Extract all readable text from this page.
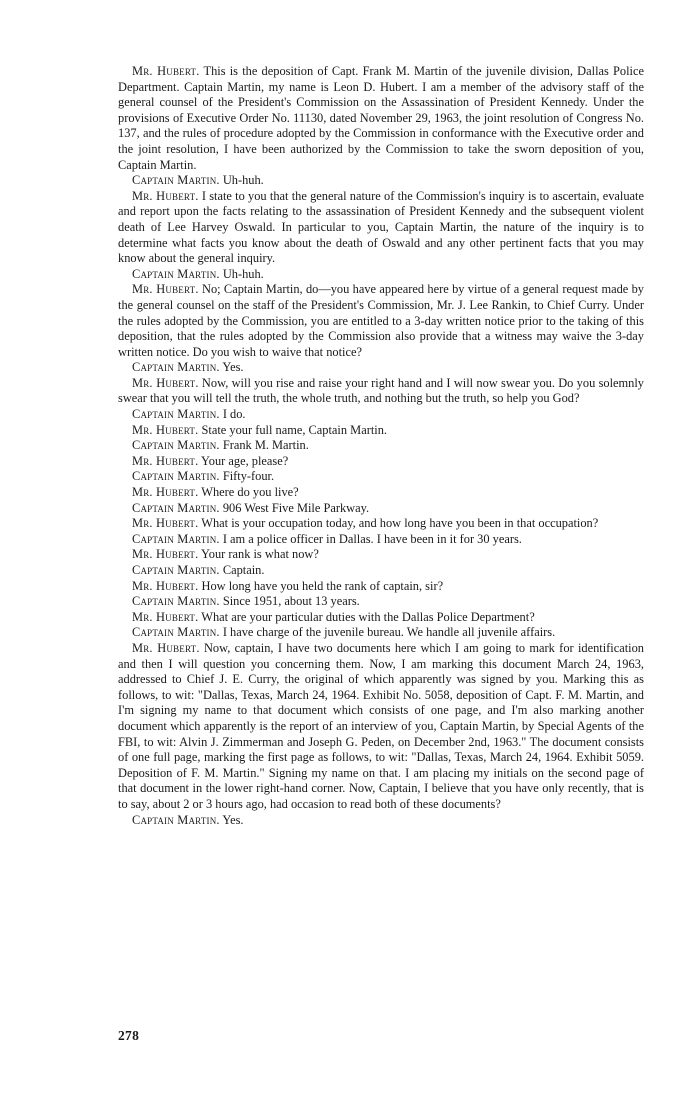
Mr. Hubert. This is the deposition of Capt. Frank M. Martin of the juvenile division, Dallas Police Department. Captain Martin, my name is Leon D. Hubert. I am a member of the advisory staff of the general counsel of the President's Commission on the Assassination of President Kennedy. Under the provisions of Executive Order No. 11130, dated November 29, 1963, the joint resolution of Congress No. 137, and the rules of procedure adopted by the Commission in conformance with the Executive order and the joint resolution, I have been authorized by the Commission to take the sworn deposition of you, Captain Martin.

Captain Martin. Uh-huh.

Mr. Hubert. I state to you that the general nature of the Commission's inquiry is to ascertain, evaluate and report upon the facts relating to the assassination of President Kennedy and the subsequent violent death of Lee Harvey Oswald. In particular to you, Captain Martin, the nature of the inquiry is to determine what facts you know about the death of Oswald and any other pertinent facts that you may know about the general inquiry.

Captain Martin. Uh-huh.

Mr. Hubert. No; Captain Martin, do—you have appeared here by virtue of a general request made by the general counsel on the staff of the President's Commission, Mr. J. Lee Rankin, to Chief Curry. Under the rules adopted by the Commission, you are entitled to a 3-day written notice prior to the taking of this deposition, that the rules adopted by the Commission also provide that a witness may waive the 3-day written notice. Do you wish to waive that notice?

Captain Martin. Yes.

Mr. Hubert. Now, will you rise and raise your right hand and I will now swear you. Do you solemnly swear that you will tell the truth, the whole truth, and nothing but the truth, so help you God?

Captain Martin. I do.

Mr. Hubert. State your full name, Captain Martin.

Captain Martin. Frank M. Martin.

Mr. Hubert. Your age, please?

Captain Martin. Fifty-four.

Mr. Hubert. Where do you live?

Captain Martin. 906 West Five Mile Parkway.

Mr. Hubert. What is your occupation today, and how long have you been in that occupation?

Captain Martin. I am a police officer in Dallas. I have been in it for 30 years.

Mr. Hubert. Your rank is what now?

Captain Martin. Captain.

Mr. Hubert. How long have you held the rank of captain, sir?

Captain Martin. Since 1951, about 13 years.

Mr. Hubert. What are your particular duties with the Dallas Police Department?

Captain Martin. I have charge of the juvenile bureau. We handle all juvenile affairs.

Mr. Hubert. Now, captain, I have two documents here which I am going to mark for identification and then I will question you concerning them. Now, I am marking this document March 24, 1963, addressed to Chief J. E. Curry, the original of which apparently was signed by you. Marking this as follows, to wit: "Dallas, Texas, March 24, 1964. Exhibit No. 5058, deposition of Capt. F. M. Martin, and I'm signing my name to that document which consists of one page, and I'm also marking another document which apparently is the report of an interview of you, Captain Martin, by Special Agents of the FBI, to wit: Alvin J. Zimmerman and Joseph G. Peden, on December 2nd, 1963." The document consists of one full page, marking the first page as follows, to wit: "Dallas, Texas, March 24, 1964. Exhibit 5059. Deposition of F. M. Martin." Signing my name on that. I am placing my initials on the second page of that document in the lower right-hand corner. Now, Captain, I believe that you have only recently, that is to say, about 2 or 3 hours ago, had occasion to read both of these documents?

Captain Martin. Yes.

278
